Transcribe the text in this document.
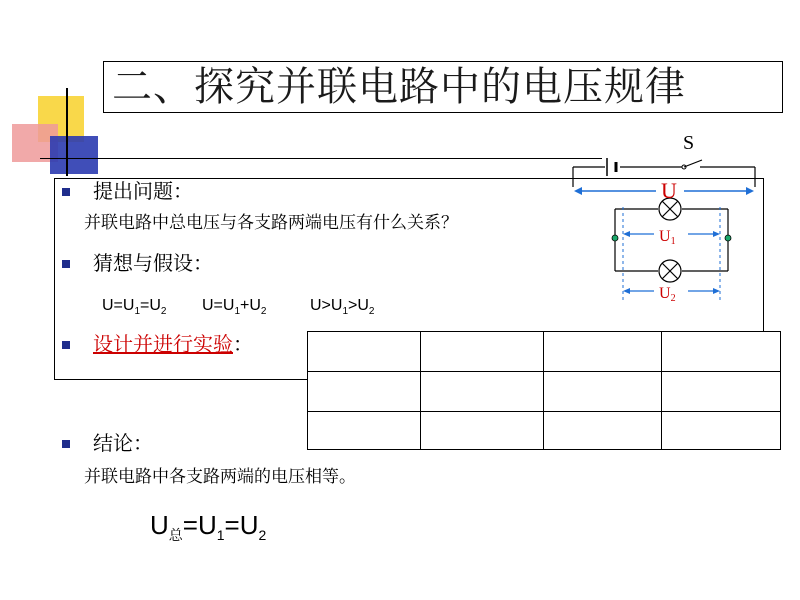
二、探究并联电路中的电压规律
提出问题：
并联电路中总电压与各支路两端电压有什么关系？
猜想与假设：
$U=U_1=U_2$ $U=U_1+U_2$	$U>U_1>U_2$
设计并进行实验：

结论：
并联电路中各支路两端的电压相等。
$U_总=U_1=U_2$
S
U
U1
U2
